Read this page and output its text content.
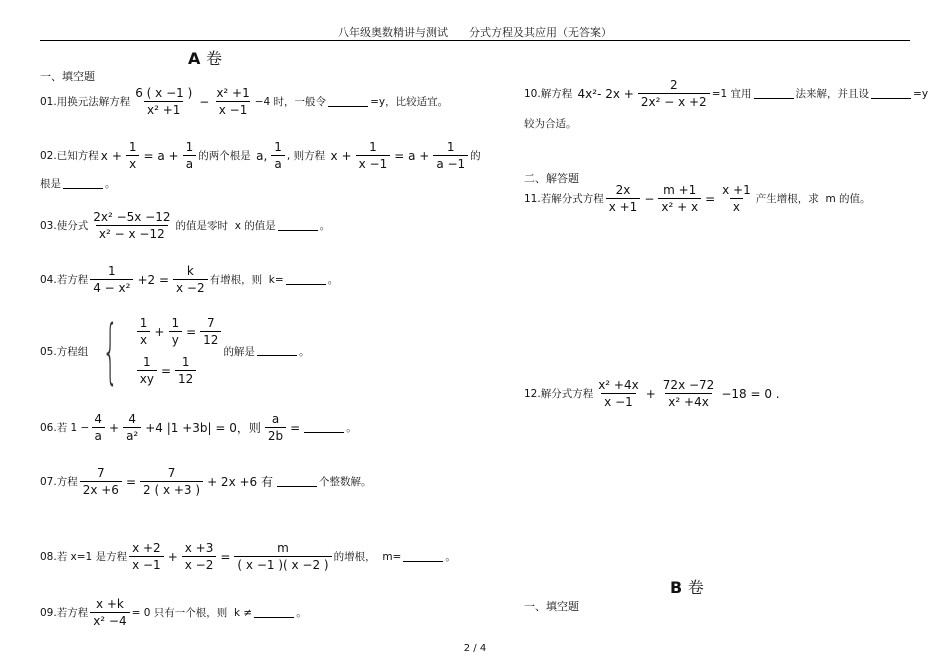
八年级奥数精讲与测试 分式方程及其应用（无答案）
A 卷
一、填空题
01.用换元法解方程 $\frac{6 ( x -1 )}{\text{x² +1}} - \frac{\text{x² +1}}{x -1} -4$ 时，一般令	=y，比较适宜。
02.已知方程 $x + \frac{1}{x} = a + \frac{1}{a}$ 的两个根是
a, $\frac{1}{a}$ , 则方程
$x + \frac{1}{x -1} = a + \frac{1}{a -1}$ 的
根是	。
03.使分式 $\frac{\text{2x² −5x −12}}{\text{x² − x −12}}$ 的值是零时
x 的值是	。
04.若方程 $\frac{1}{\text{4 − x²}} +2 = \frac{k}{x -2}$ 有增根，则
k=	。
05.方程组 { $\frac{1}{x} + \frac{1}{y} = \frac{7}{12}$
$\frac{1}{xy} = \frac{1}{12}$
的解是	。
06.若 $1 - \frac{4}{a} + \frac{4}{\text{a²}} +4$ |1 +3b| = 0，则 $\frac{a}{2b}$ =	。
07.方程 $\frac{7}{2x +6} = \frac{7}{2 ( x +3 )} + 2x +6$ 有	个整数解。
08.若 x=1 是方程 $\frac{x +2}{x -1} + \frac{x +3}{x -2} = \frac{m}{( x -1 )( x -2 )}$ 的增根，
m=	。
09.若方程 $\frac{x +k}{\text{x² −4}} = 0$ 只有一个根，则
k ≠	。
10.解方程
4x²- $2x + \frac{2}{\text{2x² − x +2}} =1$ 宜用	法来解，并且设	=y
较为合适。
二、解答题
11.若解分式方程 $\frac{2x}{x +1} - \frac{m +1}{\text{x² + x}} = \frac{x +1}{x}$ 产生增根，求
m 的值。
12.解分式方程 $\frac{\text{x² +4x}}{x -1} + \frac{72x -72}{\text{x² +4x}} -18 = 0$ .
B 卷
一、填空题
2 / 4
